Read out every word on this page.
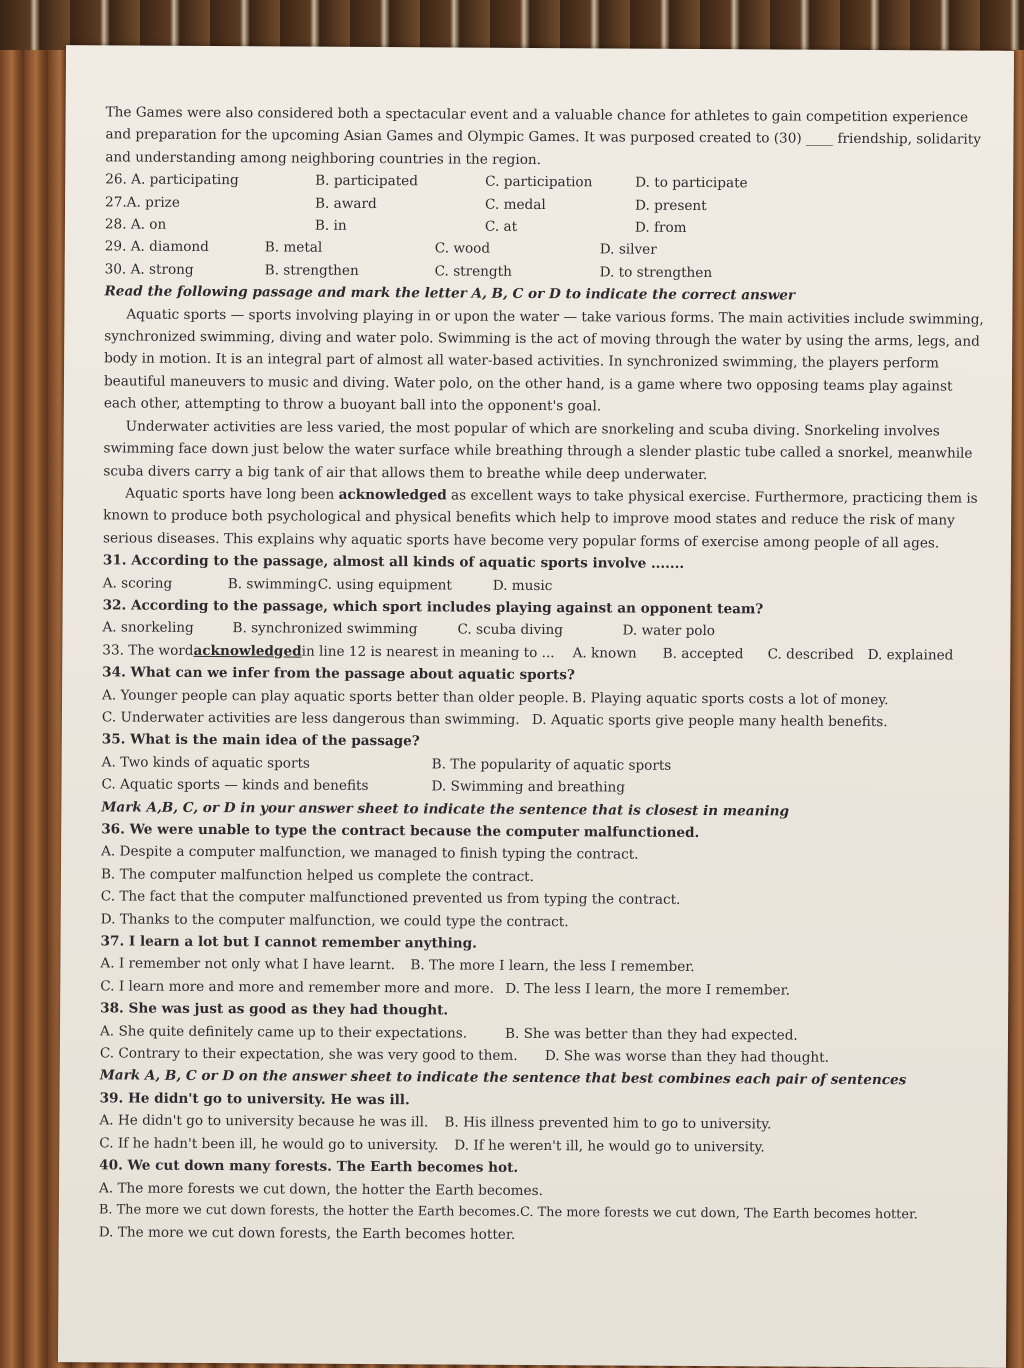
The Games were also considered both a spectacular event and a valuable chance for athletes to gain competition experience and preparation for the upcoming Asian Games and Olympic Games. It was purposed created to (30) ____ friendship, solidarity and understanding among neighboring countries in the region.
26. A. participating	B. participated	C. participation	D. to participate
27.A. prize	B. award	C. medal	D. present
28. A. on	B. in	C. at	D. from
29. A. diamond	B. metal	C. wood	D. silver
30. A. strong	B. strengthen	C. strength	D. to strengthen
Read the following passage and mark the letter A, B, C or D to indicate the correct answer
Aquatic sports — sports involving playing in or upon the water — take various forms. The main activities include swimming, synchronized swimming, diving and water polo. Swimming is the act of moving through the water by using the arms, legs, and body in motion. It is an integral part of almost all water-based activities. In synchronized swimming, the players perform beautiful maneuvers to music and diving. Water polo, on the other hand, is a game where two opposing teams play against each other, attempting to throw a buoyant ball into the opponent's goal.
Underwater activities are less varied, the most popular of which are snorkeling and scuba diving. Snorkeling involves swimming face down just below the water surface while breathing through a slender plastic tube called a snorkel, meanwhile scuba divers carry a big tank of air that allows them to breathe while deep underwater.
Aquatic sports have long been acknowledged as excellent ways to take physical exercise. Furthermore, practicing them is known to produce both psychological and physical benefits which help to improve mood states and reduce the risk of many serious diseases. This explains why aquatic sports have become very popular forms of exercise among people of all ages.
31. According to the passage, almost all kinds of aquatic sports involve .......
A. scoring	B. swimming C. using equipment	D. music
32. According to the passage, which sport includes playing against an opponent team?
A. snorkeling	B. synchronized swimming	C. scuba diving	D. water polo
33. The word acknowledged in line 12 is nearest in meaning to ... A. known	B. accepted	C. described	D. explained
34. What can we infer from the passage about aquatic sports?
A. Younger people can play aquatic sports better than older people. B. Playing aquatic sports costs a lot of money.
C. Underwater activities are less dangerous than swimming. D. Aquatic sports give people many health benefits.
35. What is the main idea of the passage?
A. Two kinds of aquatic sports	B. The popularity of aquatic sports
C. Aquatic sports — kinds and benefits	D. Swimming and breathing
Mark A,B, C, or D in your answer sheet to indicate the sentence that is closest in meaning
36. We were unable to type the contract because the computer malfunctioned.
A. Despite a computer malfunction, we managed to finish typing the contract.
B. The computer malfunction helped us complete the contract.
C. The fact that the computer malfunctioned prevented us from typing the contract.
D. Thanks to the computer malfunction, we could type the contract.
37. I learn a lot but I cannot remember anything.
A. I remember not only what I have learnt.	B. The more I learn, the less I remember.
C. I learn more and more and remember more and more. D. The less I learn, the more I remember.
38. She was just as good as they had thought.
A. She quite definitely came up to their expectations.	B. She was better than they had expected.
C. Contrary to their expectation, she was very good to them.	D. She was worse than they had thought.
Mark A, B, C or D on the answer sheet to indicate the sentence that best combines each pair of sentences
39. He didn't go to university. He was ill.
A. He didn't go to university because he was ill.	B. His illness prevented him to go to university.
C. If he hadn't been ill, he would go to university.	D. If he weren't ill, he would go to university.
40. We cut down many forests. The Earth becomes hot.
A. The more forests we cut down, the hotter the Earth becomes.
B. The more we cut down forests, the hotter the Earth becomes.C. The more forests we cut down, The Earth becomes hotter.
D. The more we cut down forests, the Earth becomes hotter.
